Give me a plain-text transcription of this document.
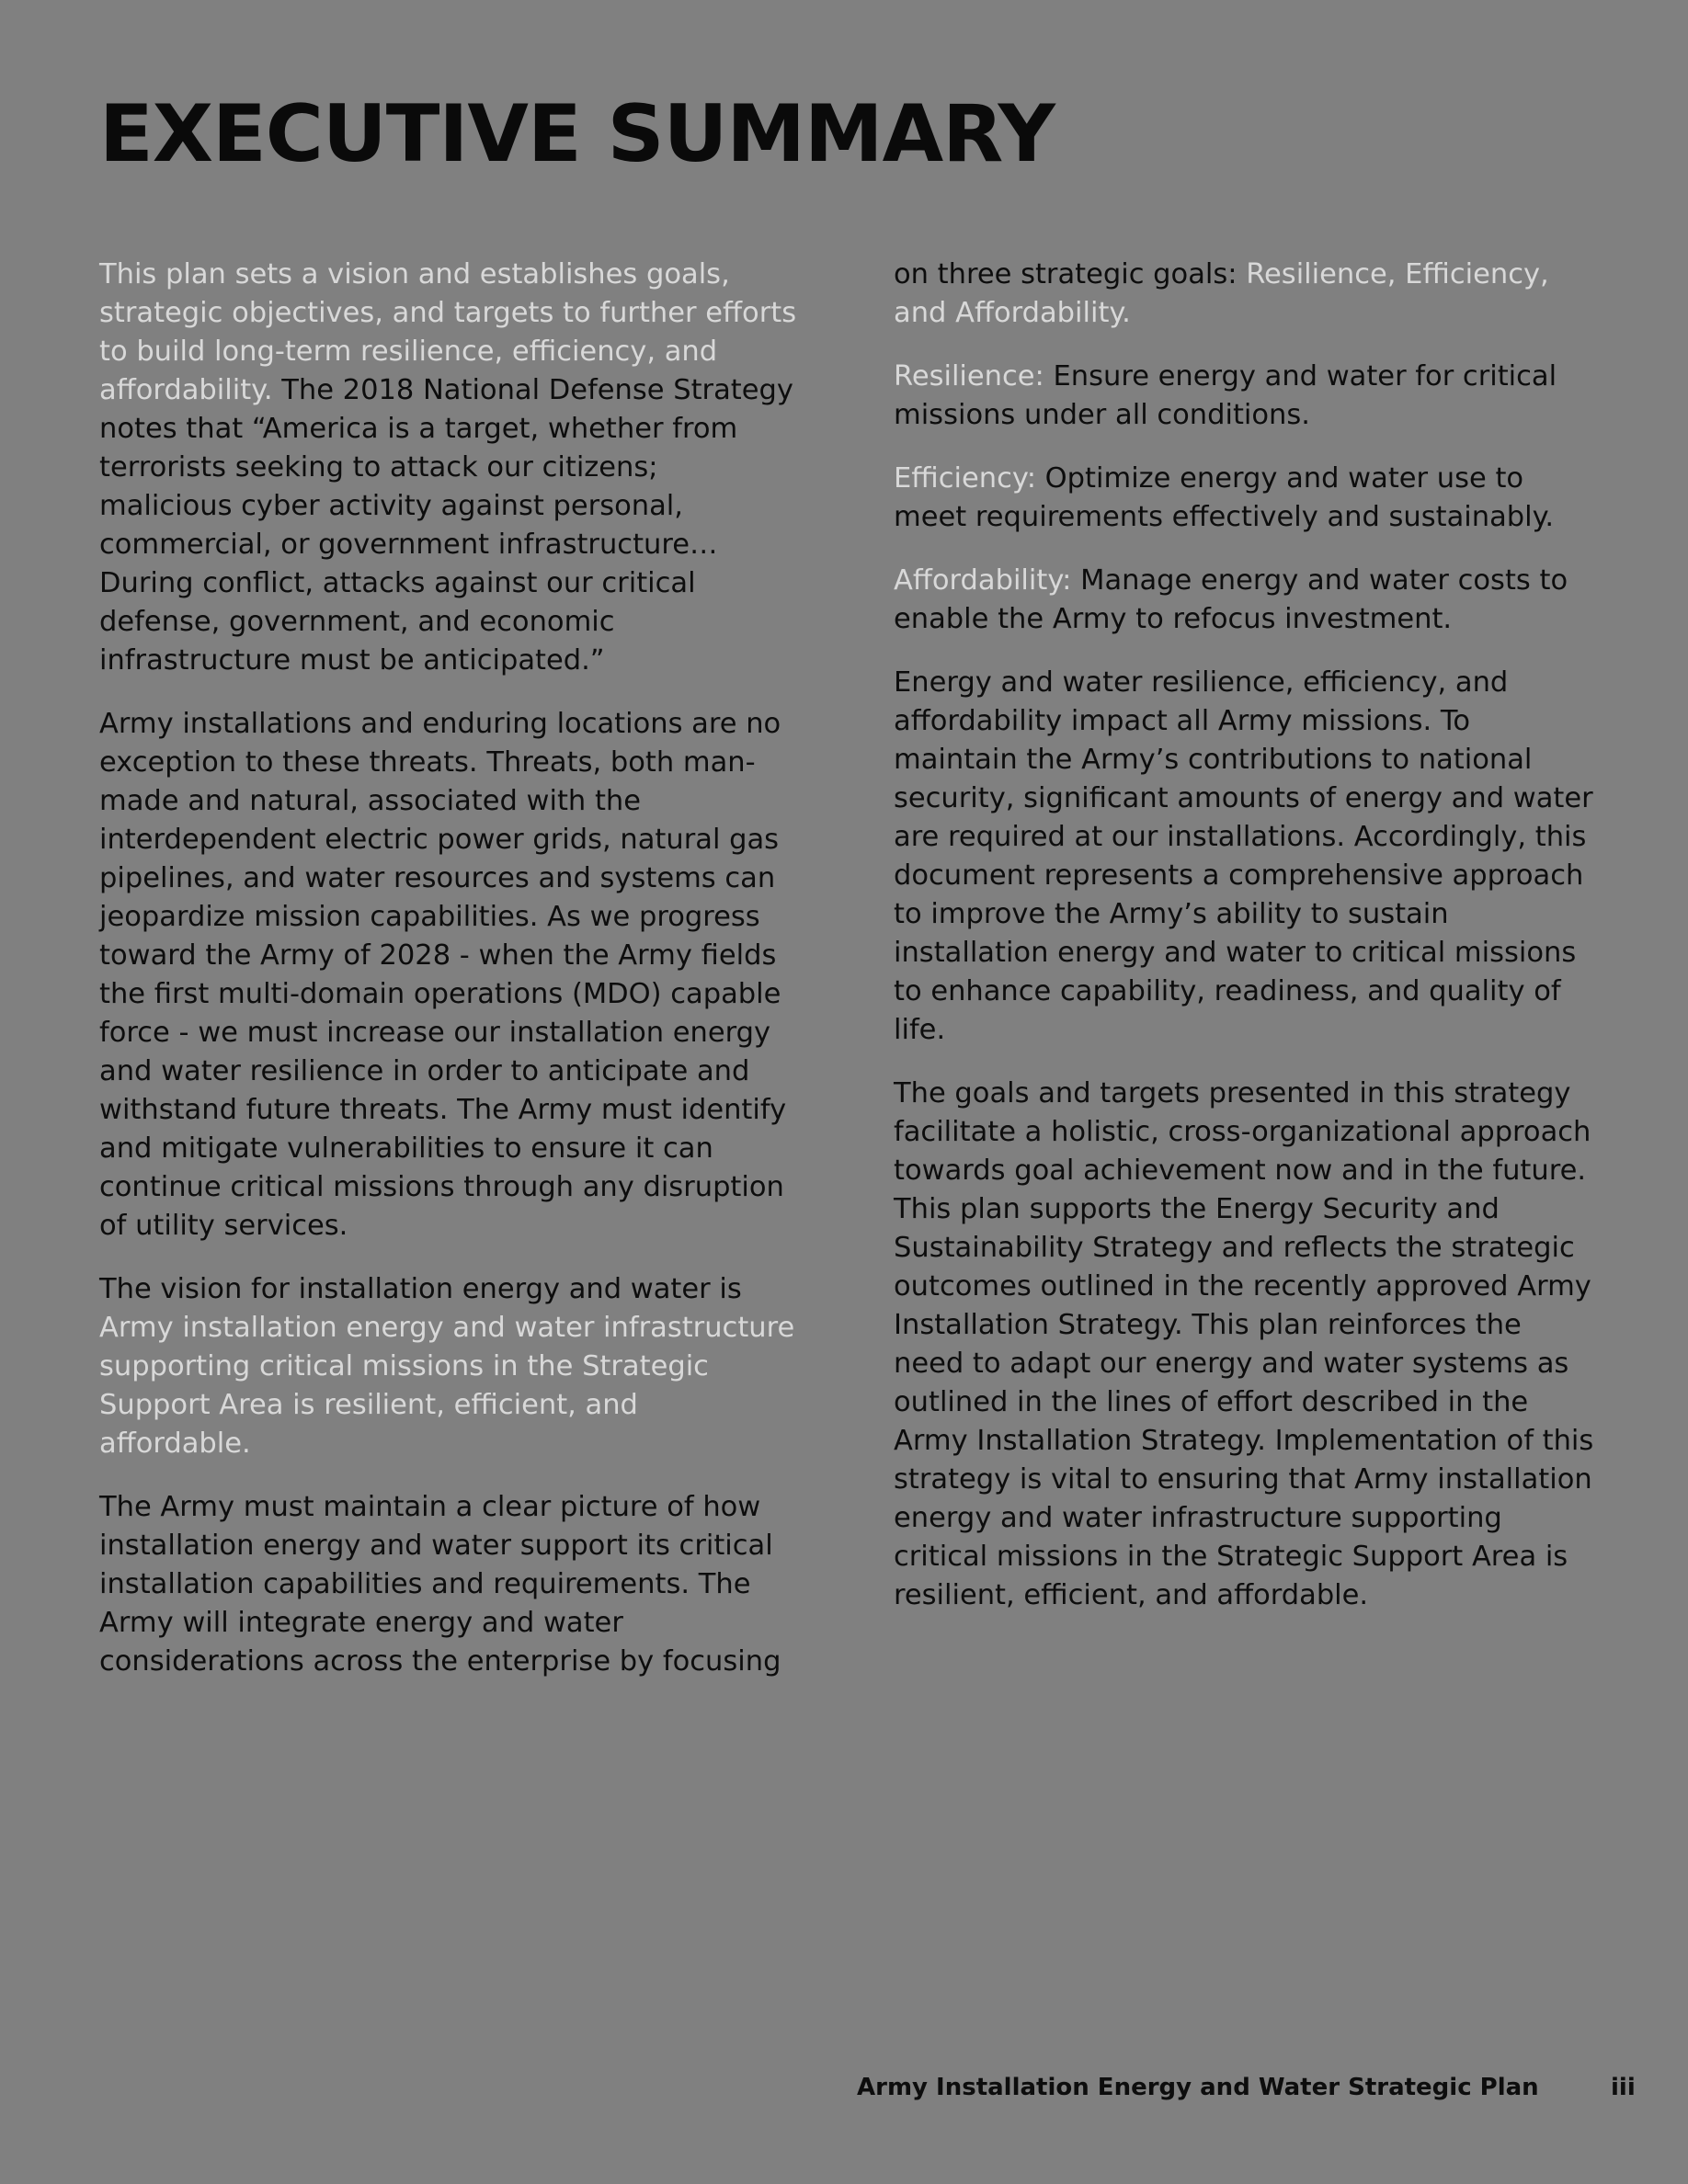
EXECUTIVE SUMMARY

This plan sets a vision and establishes goals, strategic objectives, and targets to further efforts to build long-term resilience, efficiency, and affordability. The 2018 National Defense Strategy notes that “America is a target, whether from terrorists seeking to attack our citizens; malicious cyber activity against personal, commercial, or government infrastructure…During conflict, attacks against our critical defense, government, and economic infrastructure must be anticipated.”

Army installations and enduring locations are no exception to these threats. Threats, both man-made and natural, associated with the interdependent electric power grids, natural gas pipelines, and water resources and systems can jeopardize mission capabilities. As we progress toward the Army of 2028 - when the Army fields the first multi-domain operations (MDO) capable force - we must increase our installation energy and water resilience in order to anticipate and withstand future threats. The Army must identify and mitigate vulnerabilities to ensure it can continue critical missions through any disruption of utility services.

The vision for installation energy and water is Army installation energy and water infrastructure supporting critical missions in the Strategic Support Area is resilient, efficient, and affordable.

The Army must maintain a clear picture of how installation energy and water support its critical installation capabilities and requirements. The Army will integrate energy and water considerations across the enterprise by focusing

on three strategic goals: Resilience, Efficiency, and Affordability.

Resilience: Ensure energy and water for critical missions under all conditions.

Efficiency: Optimize energy and water use to meet requirements effectively and sustainably.

Affordability: Manage energy and water costs to enable the Army to refocus investment.

Energy and water resilience, efficiency, and affordability impact all Army missions. To maintain the Army’s contributions to national security, significant amounts of energy and water are required at our installations. Accordingly, this document represents a comprehensive approach to improve the Army’s ability to sustain installation energy and water to critical missions to enhance capability, readiness, and quality of life.

The goals and targets presented in this strategy facilitate a holistic, cross-organizational approach towards goal achievement now and in the future. This plan supports the Energy Security and Sustainability Strategy and reflects the strategic outcomes outlined in the recently approved Army Installation Strategy. This plan reinforces the need to adapt our energy and water systems as outlined in the lines of effort described in the Army Installation Strategy. Implementation of this strategy is vital to ensuring that Army installation energy and water infrastructure supporting critical missions in the Strategic Support Area is resilient, efficient, and affordable.

Army Installation Energy and Water Strategic Plan	iii
